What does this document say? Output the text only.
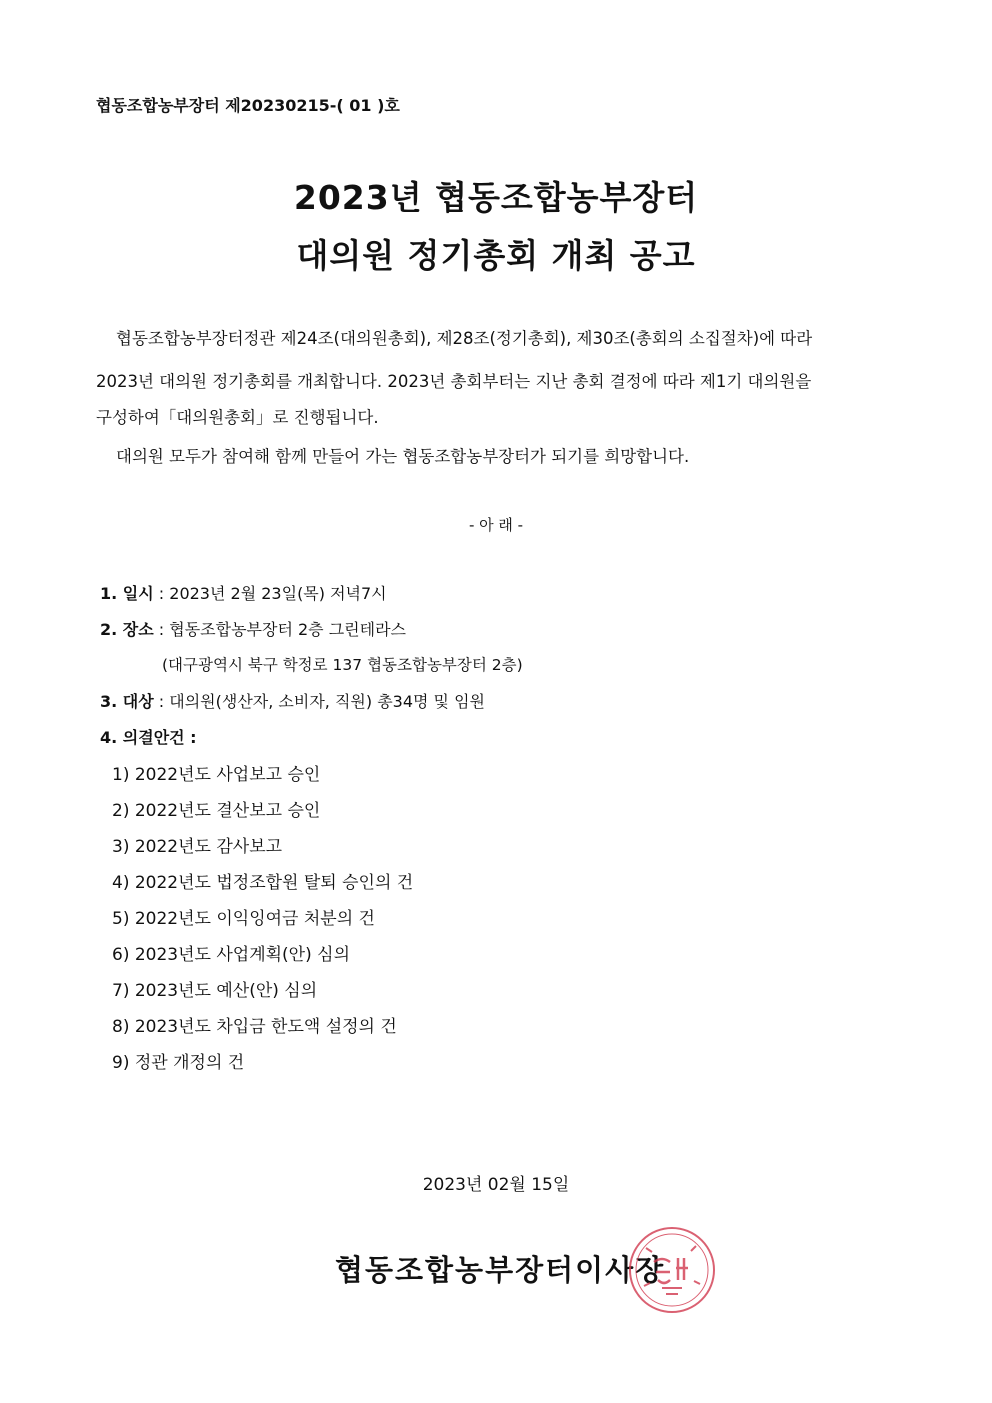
협동조합농부장터 제20230215-( 01 )호
2023년 협동조합농부장터
대의원 정기총회 개최 공고
협동조합농부장터정관 제24조(대의원총회), 제28조(정기총회), 제30조(총회의 소집절차)에 따라
2023년 대의원 정기총회를 개최합니다. 2023년 총회부터는 지난 총회 결정에 따라 제1기 대의원을
구성하여「대의원총회」로 진행됩니다.
대의원 모두가 참여해 함께 만들어 가는 협동조합농부장터가 되기를 희망합니다.
- 아 래 -
1. 일시 : 2023년 2월 23일(목) 저녁7시
2. 장소 : 협동조합농부장터 2층 그린테라스
(대구광역시 북구 학정로 137 협동조합농부장터 2층)
3. 대상 : 대의원(생산자, 소비자, 직원) 총34명 및 임원
4. 의결안건 :
1) 2022년도 사업보고 승인
2) 2022년도 결산보고 승인
3) 2022년도 감사보고
4) 2022년도 법정조합원 탈퇴 승인의 건
5) 2022년도 이익잉여금 처분의 건
6) 2023년도 사업계획(안) 심의
7) 2023년도 예산(안) 심의
8) 2023년도 차입금 한도액 설정의 건
9) 정관 개정의 건
2023년 02월 15일
협동조합농부장터이사장
